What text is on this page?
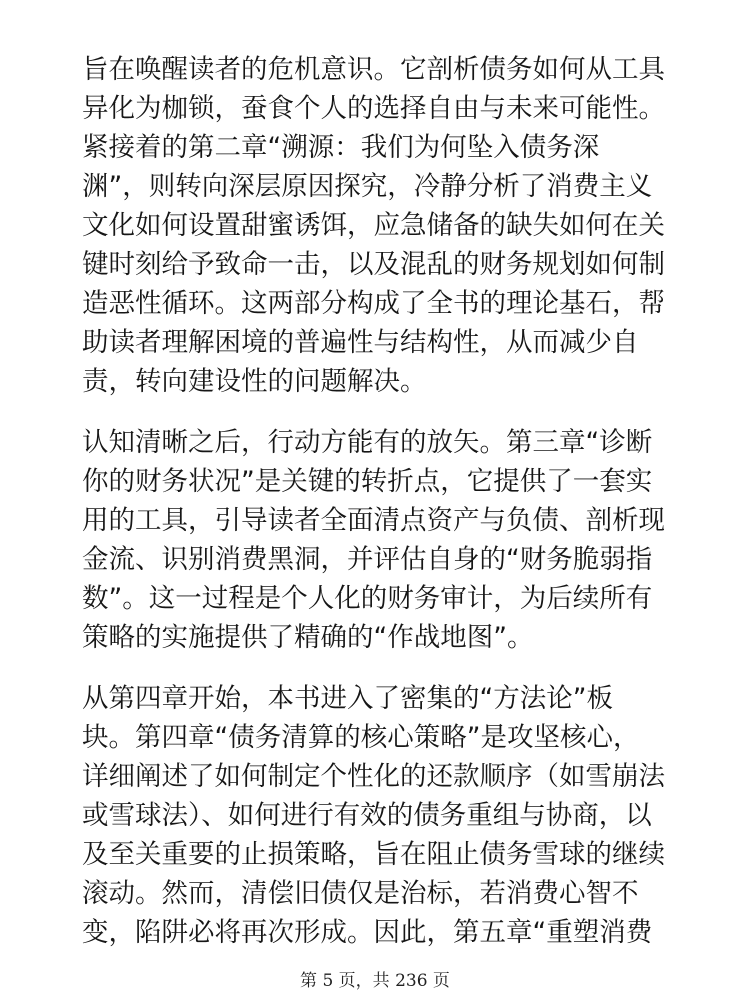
旨在唤醒读者的危机意识。它剖析债务如何从工具
异化为枷锁，蚕食个人的选择自由与未来可能性。
紧接着的第二章“溯源：我们为何坠入债务深
渊”，则转向深层原因探究，冷静分析了消费主义
文化如何设置甜蜜诱饵，应急储备的缺失如何在关
键时刻给予致命一击，以及混乱的财务规划如何制
造恶性循环。这两部分构成了全书的理论基石，帮
助读者理解困境的普遍性与结构性，从而减少自
责，转向建设性的问题解决。

认知清晰之后，行动方能有的放矢。第三章“诊断
你的财务状况”是关键的转折点，它提供了一套实
用的工具，引导读者全面清点资产与负债、剖析现
金流、识别消费黑洞，并评估自身的“财务脆弱指
数”。这一过程是个人化的财务审计，为后续所有
策略的实施提供了精确的“作战地图”。

从第四章开始，本书进入了密集的“方法论”板
块。第四章“债务清算的核心策略”是攻坚核心，
详细阐述了如何制定个性化的还款顺序（如雪崩法
或雪球法）、如何进行有效的债务重组与协商，以
及至关重要的止损策略，旨在阻止债务雪球的继续
滚动。然而，清偿旧债仅是治标，若消费心智不
变，陷阱必将再次形成。因此，第五章“重塑消费

第 5 页，共 236 页
